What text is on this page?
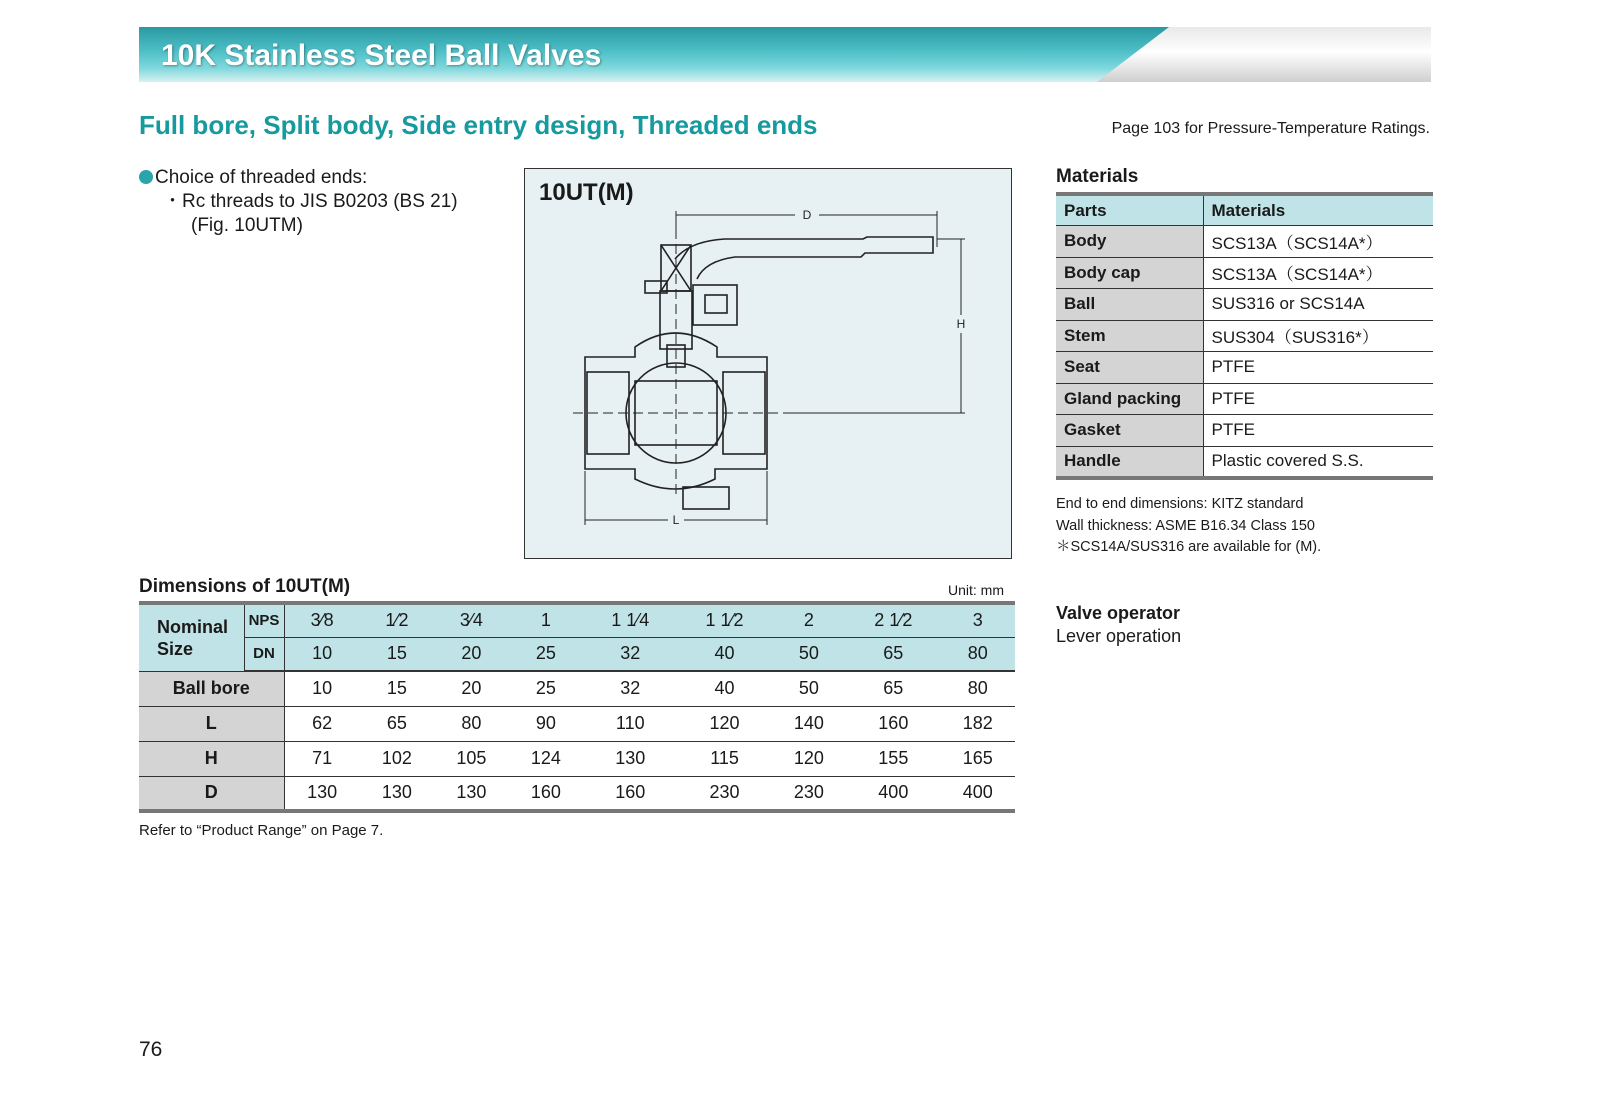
10K Stainless Steel Ball Valves
Full bore, Split body, Side entry design, Threaded ends	Page 103 for Pressure-Temperature Ratings.
Choice of threaded ends:
・Rc threads to JIS B0203 (BS 21)
(Fig. 10UTM)	D
H
L
10UT(M)
Materials
Parts	Materials
Body	SCS13A（SCS14A*）
Body cap	SCS13A（SCS14A*）
Ball	SUS316 or SCS14A
Stem	SUS304（SUS316*）
Seat	PTFE
Gland packing	PTFE
Gasket	PTFE
Handle	Plastic covered S.S.
End to end dimensions: KITZ standard
Wall thickness: ASME B16.34 Class 150
＊SCS14A/SUS316 are available for (M).
Valve operator
Lever operation
Dimensions of 10UT(M)	Unit: mm
Nominal
Size	NPS	3⁄8	1⁄2	3⁄4	1	1 1⁄4	1 1⁄2	2	2 1⁄2	3
	DN	10	15	20	25	32	40	50	65	80
Ball bore		10	15	20	25	32	40	50	65	80
L		62	65	80	90	110	120	140	160	182
H		71	102	105	124	130	115	120	155	165
D		130	130	130	160	160	230	230	400	400
Refer to “Product Range” on Page 7.
76
